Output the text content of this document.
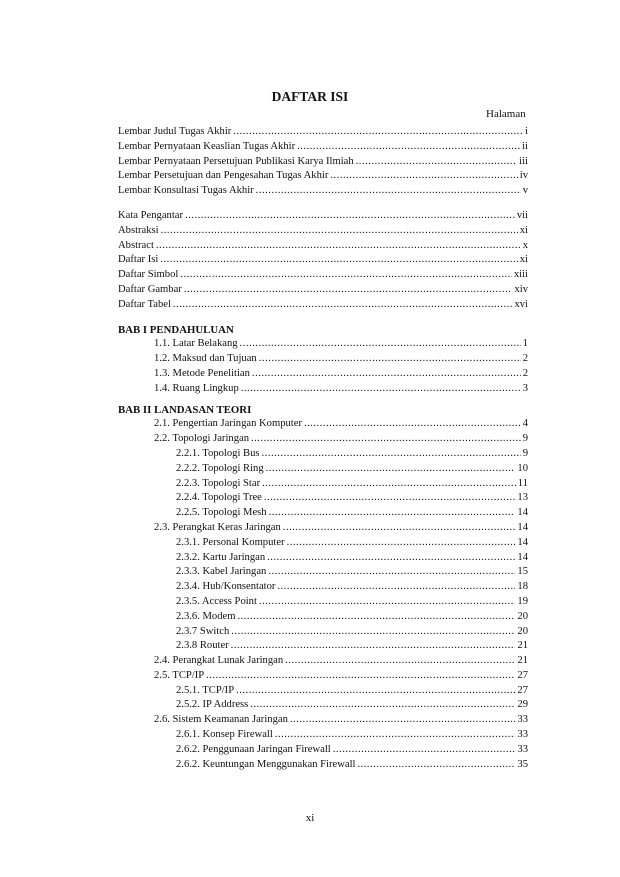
DAFTAR ISI
Halaman
Lembar Judul Tugas Akhir .....	i
Lembar Pernyataan Keaslian Tugas Akhir .....	ii
Lembar Pernyataan Persetujuan Publikasi Karya Ilmiah .....	iii
Lembar Persetujuan dan Pengesahan Tugas Akhir .....	iv
Lembar Konsultasi Tugas Akhir .....	v
Kata Pengantar .....	vii
Abstraksi .....	xi
Abstract .....	x
Daftar Isi .....	xi
Daftar Simbol .....	xiii
Daftar Gambar .....	xiv
Daftar Tabel .....	xvi
BAB I PENDAHULUAN
1.1. Latar Belakang .....	1
1.2. Maksud dan Tujuan .....	2
1.3. Metode Penelitian .....	2
1.4. Ruang Lingkup .....	3
BAB II LANDASAN TEORI
2.1. Pengertian Jaringan Komputer .....	4
2.2. Topologi Jaringan .....	9
2.2.1. Topologi Bus .....	9
2.2.2. Topologi Ring .....	10
2.2.3. Topologi Star .....	11
2.2.4. Topologi Tree .....	13
2.2.5. Topologi Mesh .....	14
2.3. Perangkat Keras Jaringan .....	14
2.3.1. Personal Komputer .....	14
2.3.2. Kartu Jaringan .....	14
2.3.3. Kabel Jaringan .....	15
2.3.4. Hub/Konsentator .....	18
2.3.5. Access Point .....	19
2.3.6. Modem .....	20
2.3.7 Switch .....	20
2.3.8 Router .....	21
2.4. Perangkat Lunak Jaringan .....	21
2.5. TCP/IP .....	27
2.5.1. TCP/IP .....	27
2.5.2. IP Address .....	29
2.6. Sistem Keamanan Jaringan .....	33
2.6.1. Konsep Firewall .....	33
2.6.2. Penggunaan Jaringan Firewall .....	33
2.6.2. Keuntungan Menggunakan Firewall .....	35
xi
